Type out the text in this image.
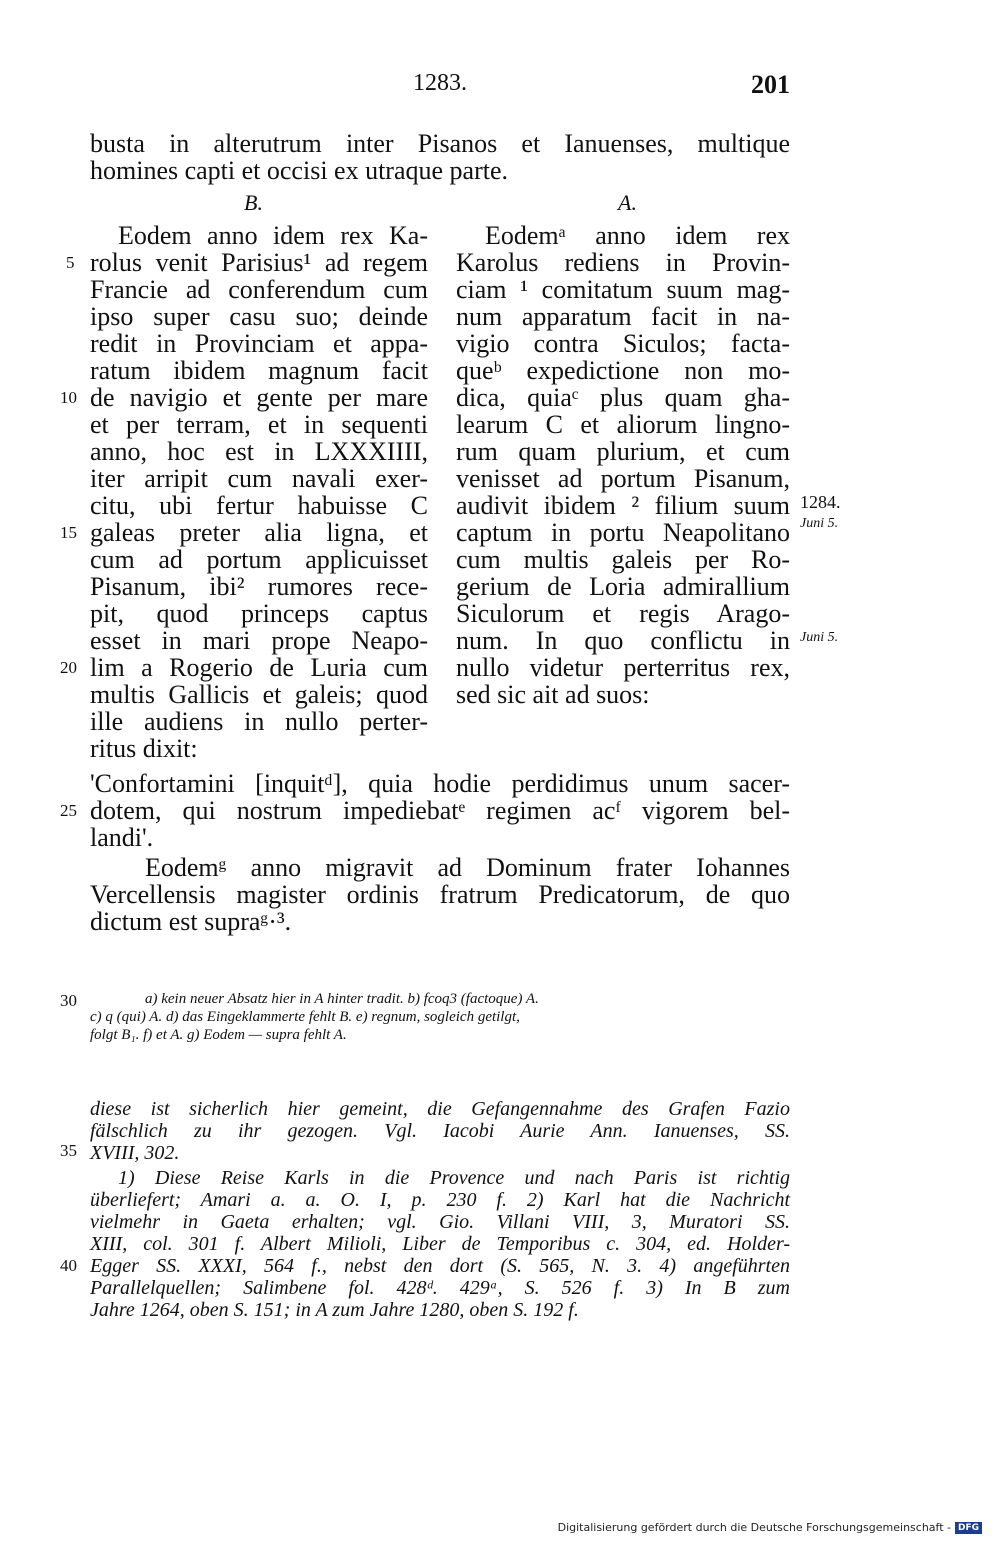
1283.	201
busta in alterutrum inter Pisanos et Ianuenses, multique
homines capti et occisi ex utraque parte.
B.	A.
Eodem anno idem rex Ka-
rolus venit Parisius¹ ad regem
Francie ad conferendum cum
ipso super casu suo; deinde
redit in Provinciam et appa-
ratum ibidem magnum facit
de navigio et gente per mare
et per terram, et in sequenti
anno, hoc est in LXXXIIII,
iter arripit cum navali exer-
citu, ubi fertur habuisse C
galeas preter alia ligna, et
cum ad portum applicuisset
Pisanum, ibi² rumores rece-
pit, quod princeps captus
esset in mari prope Neapo-
lim a Rogerio de Luria cum
multis Gallicis et galeis; quod
ille audiens in nullo perter-
ritus dixit:
Eodemᵃ anno idem rex
Karolus rediens in Provin-
ciam ¹ comitatum suum mag-
num apparatum facit in na-
vigio contra Siculos; facta-
queᵇ expedictione non mo-
dica, quiaᶜ plus quam gha-
learum C et aliorum lingno-
rum quam plurium, et cum
venisset ad portum Pisanum,
audivit ibidem ² filium suum
captum in portu Neapolitano
cum multis galeis per Ro-
gerium de Loria admirallium
Siculorum et regis Arago-
num. In quo conflictu in
nullo videtur perterritus rex,
sed sic ait ad suos:
1284.
Juni 5.
Juni 5.
'Confortamini [inquitᵈ], quia hodie perdidimus unum sacer-
dotem, qui nostrum impediebatᵉ regimen acᶠ vigorem bel-
landi'.
Eodemᵍ anno migravit ad Dominum frater Iohannes
Vercellensis magister ordinis fratrum Predicatorum, de quo
dictum est supraᵍ·³.
5
10
15
20
25
30
35
40
a) kein neuer Absatz hier in A hinter tradit. b) fcoq3 (factoque) A.
c) q (qui) A. d) das Eingeklammerte fehlt B. e) regnum, sogleich getilgt,
folgt B₁. f) et A. g) Eodem — supra fehlt A.
diese ist sicherlich hier gemeint, die Gefangennahme des Grafen Fazio
fälschlich zu ihr gezogen. Vgl. Iacobi Aurie Ann. Ianuenses, SS.
XVIII, 302.
1) Diese Reise Karls in die Provence und nach Paris ist richtig
überliefert; Amari a. a. O. I, p. 230 f. 2) Karl hat die Nachricht
vielmehr in Gaeta erhalten; vgl. Gio. Villani VIII, 3, Muratori SS.
XIII, col. 301 f. Albert Milioli, Liber de Temporibus c. 304, ed. Holder-
Egger SS. XXXI, 564 f., nebst den dort (S. 565, N. 3. 4) angeführten
Parallelquellen; Salimbene fol. 428ᵈ. 429ᵃ, S. 526 f. 3) In B zum
Jahre 1264, oben S. 151; in A zum Jahre 1280, oben S. 192 f.
Digitalisierung gefördert durch die Deutsche Forschungsgemeinschaft - DFG
